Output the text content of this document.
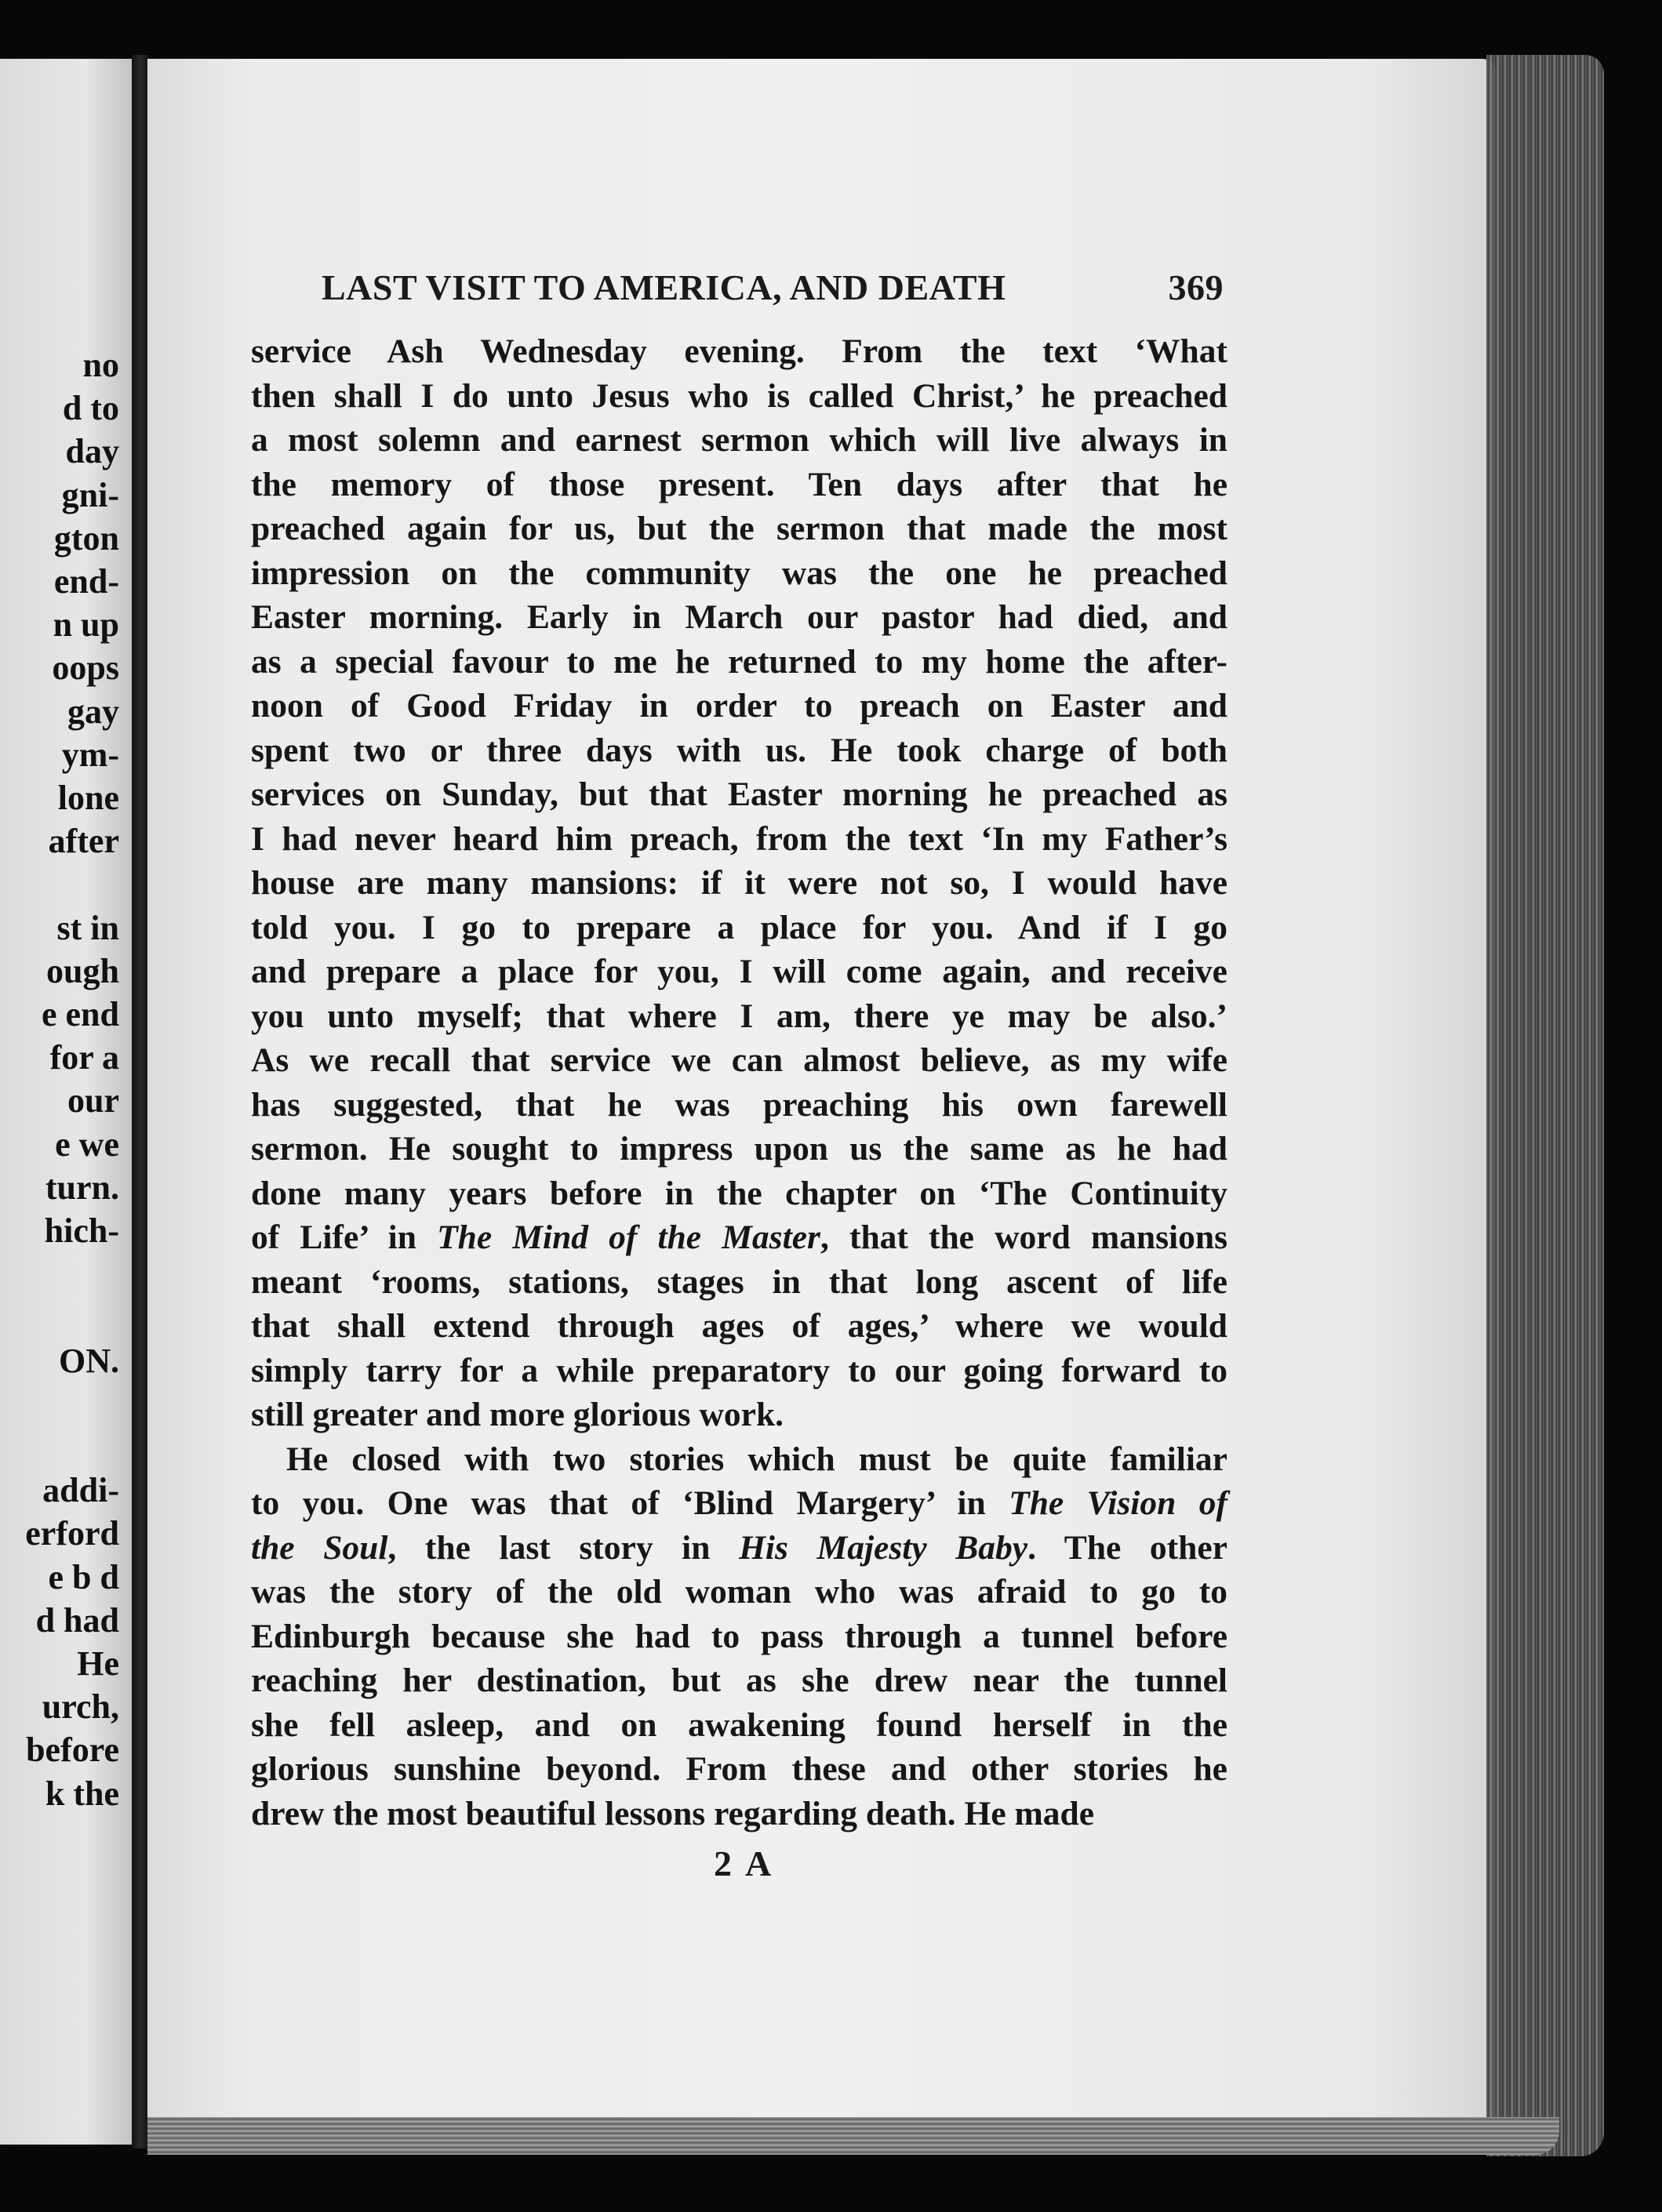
no
d to
day
gni-
gton
end-
n up
oops
gay
ym-
lone
after
st in
ough
e end
for a
our
e we
turn.
hich-
ON.
addi-
erford
e b d
d had
He
urch,
before
k the
LAST VISIT TO AMERICA, AND DEATH	369
service Ash Wednesday evening. From the text ‘What
then shall I do unto Jesus who is called Christ,’ he preached
a most solemn and earnest sermon which will live always in
the memory of those present. Ten days after that he
preached again for us, but the sermon that made the most
impression on the community was the one he preached
Easter morning. Early in March our pastor had died, and
as a special favour to me he returned to my home the after-
noon of Good Friday in order to preach on Easter and
spent two or three days with us. He took charge of both
services on Sunday, but that Easter morning he preached as
I had never heard him preach, from the text ‘In my Father’s
house are many mansions: if it were not so, I would have
told you. I go to prepare a place for you. And if I go
and prepare a place for you, I will come again, and receive
you unto myself; that where I am, there ye may be also.’
As we recall that service we can almost believe, as my wife
has suggested, that he was preaching his own farewell
sermon. He sought to impress upon us the same as he had
done many years before in the chapter on ‘The Continuity
of Life’ in The Mind of the Master, that the word mansions
meant ‘rooms, stations, stages in that long ascent of life
that shall extend through ages of ages,’ where we would
simply tarry for a while preparatory to our going forward to
still greater and more glorious work.
He closed with two stories which must be quite familiar
to you. One was that of ‘Blind Margery’ in The Vision of
the Soul, the last story in His Majesty Baby. The other
was the story of the old woman who was afraid to go to
Edinburgh because she had to pass through a tunnel before
reaching her destination, but as she drew near the tunnel
she fell asleep, and on awakening found herself in the
glorious sunshine beyond. From these and other stories he
drew the most beautiful lessons regarding death. He made
2 A
